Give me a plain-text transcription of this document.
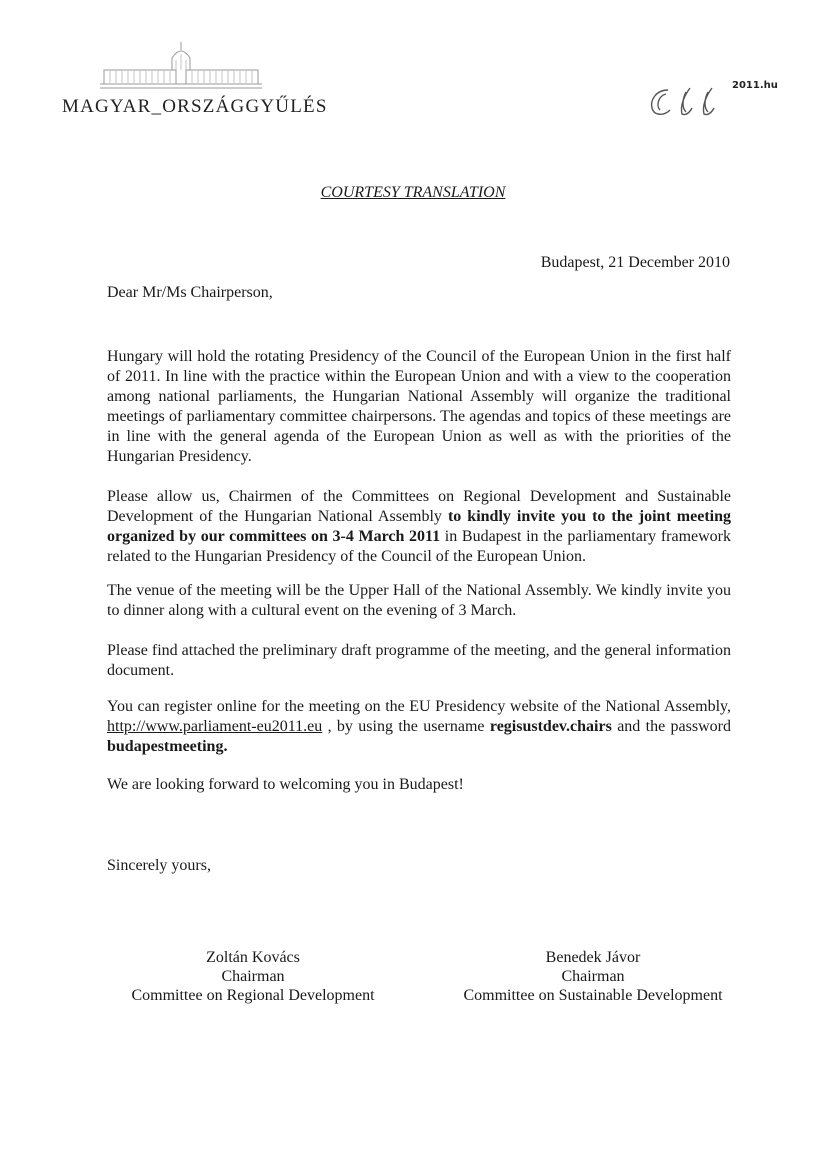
MAGYAR_ORSZÁGGYŰLÉS
2011.hu
COURTESY TRANSLATION
Budapest, 21 December 2010
Dear Mr/Ms Chairperson,
Hungary will hold the rotating Presidency of the Council of the European Union in the first half of 2011. In line with the practice within the European Union and with a view to the cooperation among national parliaments, the Hungarian National Assembly will organize the traditional meetings of parliamentary committee chairpersons. The agendas and topics of these meetings are in line with the general agenda of the European Union as well as with the priorities of the Hungarian Presidency.
Please allow us, Chairmen of the Committees on Regional Development and Sustainable Development of the Hungarian National Assembly to kindly invite you to the joint meeting organized by our committees on 3-4 March 2011 in Budapest in the parliamentary framework related to the Hungarian Presidency of the Council of the European Union.
The venue of the meeting will be the Upper Hall of the National Assembly. We kindly invite you to dinner along with a cultural event on the evening of 3 March.
Please find attached the preliminary draft programme of the meeting, and the general information document.
You can register online for the meeting on the EU Presidency website of the National Assembly, http://www.parliament-eu2011.eu , by using the username regisustdev.chairs and the password budapestmeeting.
We are looking forward to welcoming you in Budapest!
Sincerely yours,
Zoltán Kovács
Chairman
Committee on Regional Development
Benedek Jávor
Chairman
Committee on Sustainable Development
